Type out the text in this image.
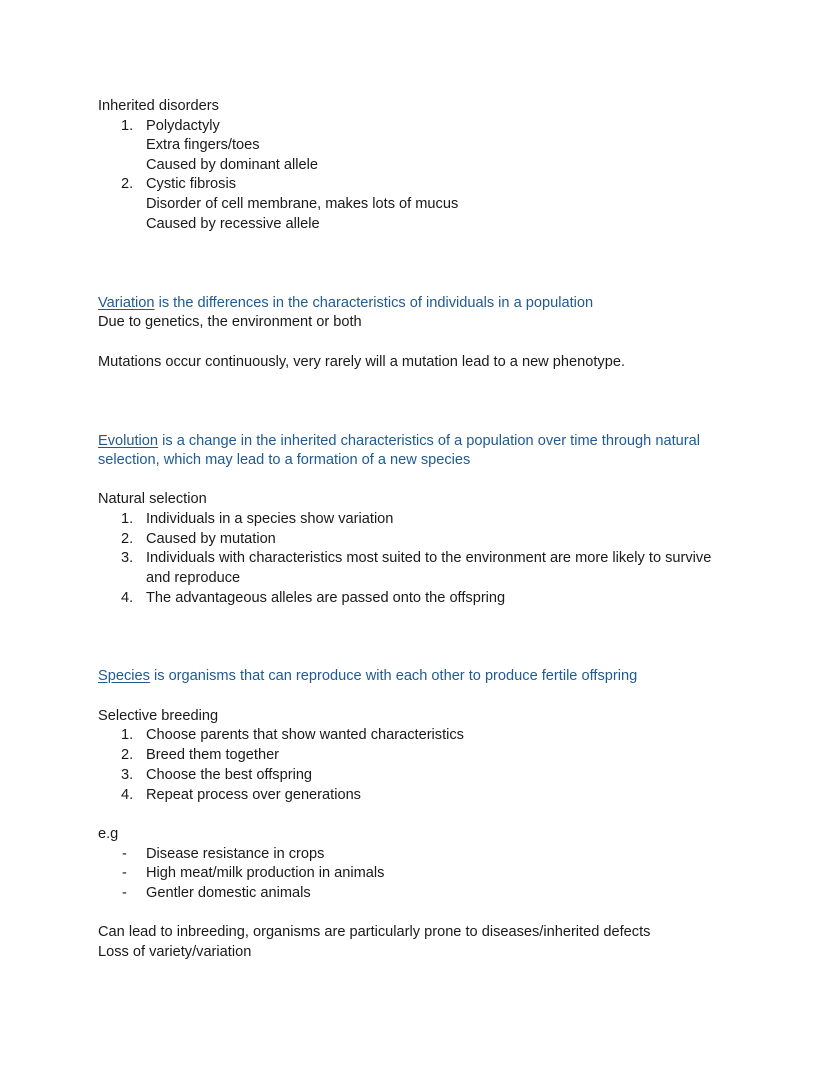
Inherited disorders
1. Polydactyly
Extra fingers/toes
Caused by dominant allele
2. Cystic fibrosis
Disorder of cell membrane, makes lots of mucus
Caused by recessive allele
Variation is the differences in the characteristics of individuals in a population
Due to genetics, the environment or both
Mutations occur continuously, very rarely will a mutation lead to a new phenotype.
Evolution is a change in the inherited characteristics of a population over time through natural
selection, which may lead to a formation of a new species
Natural selection
1. Individuals in a species show variation
2. Caused by mutation
3. Individuals with characteristics most suited to the environment are more likely to survive
and reproduce
4. The advantageous alleles are passed onto the offspring
Species is organisms that can reproduce with each other to produce fertile offspring
Selective breeding
1. Choose parents that show wanted characteristics
2. Breed them together
3. Choose the best offspring
4. Repeat process over generations
e.g
- Disease resistance in crops
- High meat/milk production in animals
- Gentler domestic animals
Can lead to inbreeding, organisms are particularly prone to diseases/inherited defects
Loss of variety/variation
